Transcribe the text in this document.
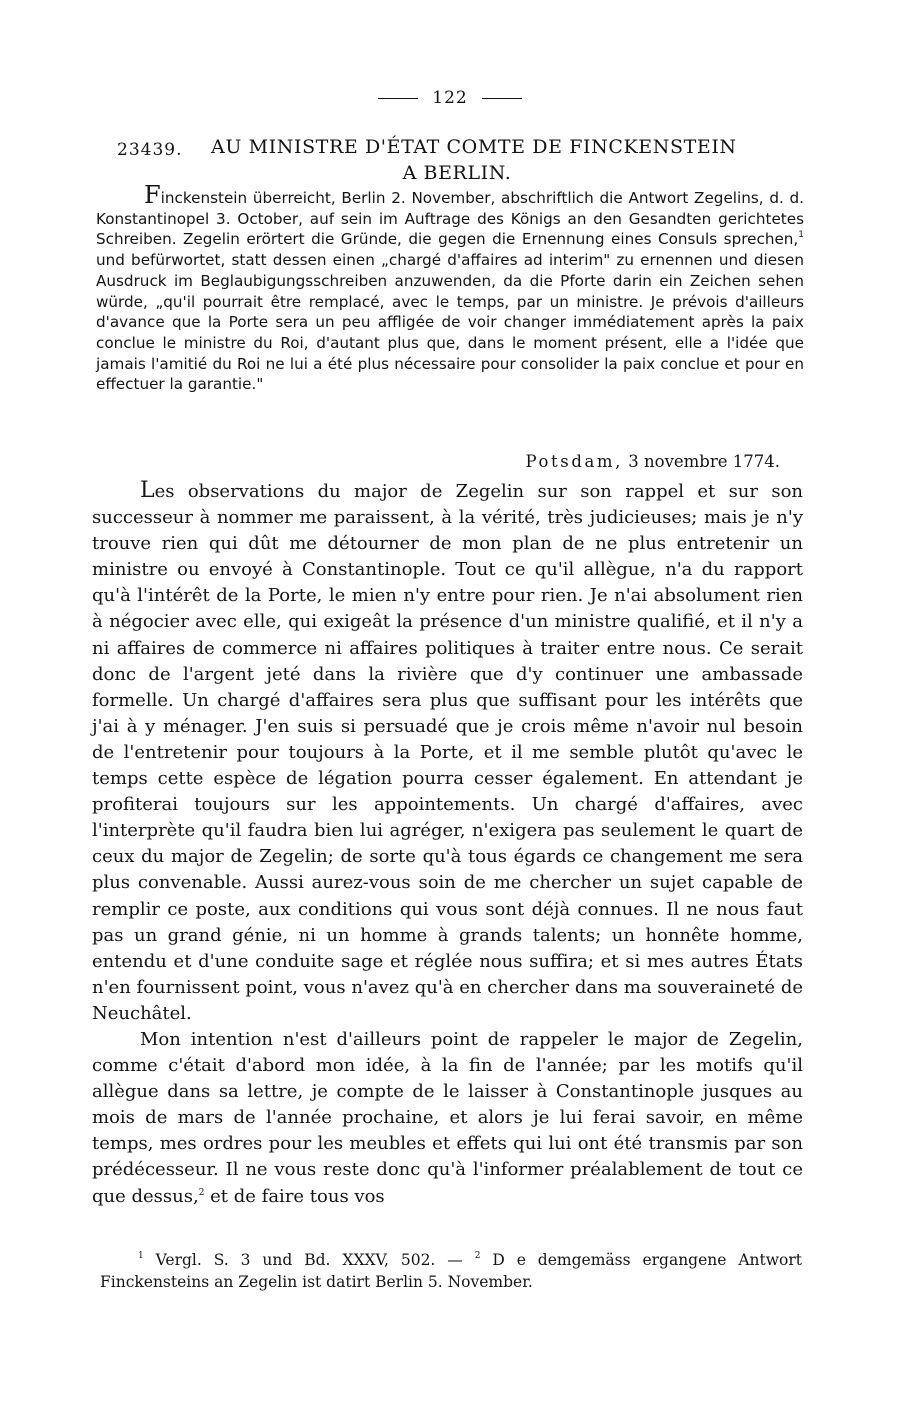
122
23439. AU MINISTRE D'ÉTAT COMTE DE FINCKENSTEIN
A BERLIN.
Finckenstein überreicht, Berlin 2. November, abschriftlich die Antwort Zegelins, d. d. Konstantinopel 3. October, auf sein im Auftrage des Königs an den Gesandten gerichtetes Schreiben. Zegelin erörtert die Gründe, die gegen die Ernennung eines Consuls sprechen,$^1$ und befürwortet, statt dessen einen „chargé d'affaires ad interim" zu ernennen und diesen Ausdruck im Beglaubigungsschreiben anzuwenden, da die Pforte darin ein Zeichen sehen würde, „qu'il pourrait être remplacé, avec le temps, par un ministre. Je prévois d'ailleurs d'avance que la Porte sera un peu affligée de voir changer immédiatement après la paix conclue le ministre du Roi, d'autant plus que, dans le moment présent, elle a l'idée que jamais l'amitié du Roi ne lui a été plus nécessaire pour consolider la paix conclue et pour en effectuer la garantie."
Potsdam, 3 novembre 1774.

Les observations du major de Zegelin sur son rappel et sur son successeur à nommer me paraissent, à la vérité, très judicieuses; mais je n'y trouve rien qui dût me détourner de mon plan de ne plus entretenir un ministre ou envoyé à Constantinople. Tout ce qu'il allègue, n'a du rapport qu'à l'intérêt de la Porte, le mien n'y entre pour rien. Je n'ai absolument rien à négocier avec elle, qui exigeât la présence d'un ministre qualifié, et il n'y a ni affaires de commerce ni affaires politiques à traiter entre nous. Ce serait donc de l'argent jeté dans la rivière que d'y continuer une ambassade formelle. Un chargé d'affaires sera plus que suffisant pour les intérêts que j'ai à y ménager. J'en suis si persuadé que je crois même n'avoir nul besoin de l'entretenir pour toujours à la Porte, et il me semble plutôt qu'avec le temps cette espèce de légation pourra cesser également. En attendant je profiterai toujours sur les appointements. Un chargé d'affaires, avec l'interprète qu'il faudra bien lui agréger, n'exigera pas seulement le quart de ceux du major de Zegelin; de sorte qu'à tous égards ce changement me sera plus convenable. Aussi aurez-vous soin de me chercher un sujet capable de remplir ce poste, aux conditions qui vous sont déjà connues. Il ne nous faut pas un grand génie, ni un homme à grands talents; un honnête homme, entendu et d'une conduite sage et réglée nous suffira; et si mes autres États n'en fournissent point, vous n'avez qu'à en chercher dans ma souveraineté de Neuchâtel.

Mon intention n'est d'ailleurs point de rappeler le major de Zegelin, comme c'était d'abord mon idée, à la fin de l'année; par les motifs qu'il allègue dans sa lettre, je compte de le laisser à Constantinople jusques au mois de mars de l'année prochaine, et alors je lui ferai savoir, en même temps, mes ordres pour les meubles et effets qui lui ont été transmis par son prédécesseur. Il ne vous reste donc qu'à l'informer préalablement de tout ce que dessus,$^2$ et de faire tous vos

$^1$ Vergl. S. 3 und Bd. XXXV, 502. — $^2$ D e demgemäss ergangene Antwort Finckensteins an Zegelin ist datirt Berlin 5. November.
